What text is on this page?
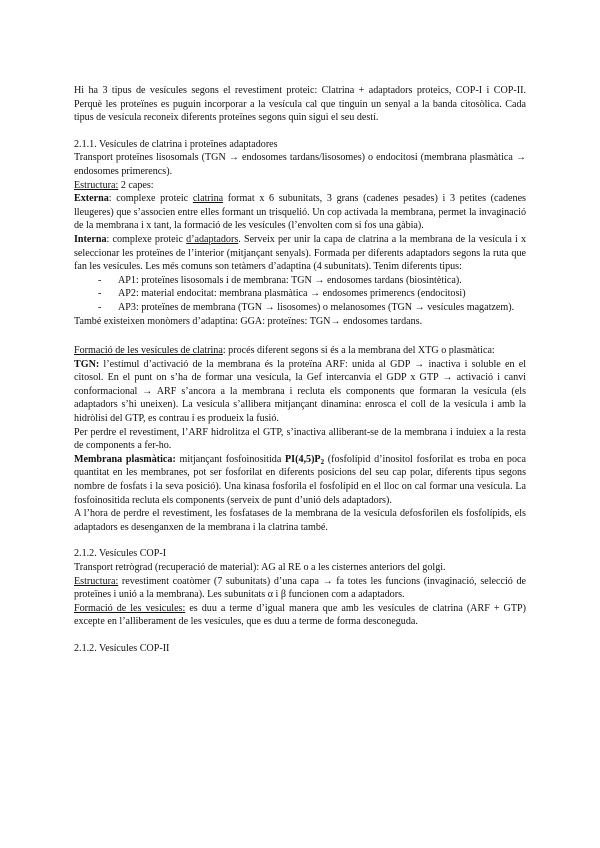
Hi ha 3 tipus de vesícules segons el revestiment proteic: Clatrina + adaptadors proteics, COP-I i COP-II. Perquè les proteïnes es puguin incorporar a la vesícula cal que tinguin un senyal a la banda citosòlica. Cada tipus de vesícula reconeix diferents proteïnes segons quin sigui el seu destí.

2.1.1. Vesícules de clatrina i proteïnes adaptadores

Transport proteïnes lisosomals (TGN → endosomes tardans/lisosomes) o endocitosi (membrana plasmàtica → endosomes primerencs).

Estructura: 2 capes:

Externa: complexe proteic clatrina format x 6 subunitats, 3 grans (cadenes pesades) i 3 petites (cadenes lleugeres) que s’associen entre elles formant un trisquelió. Un cop activada la membrana, permet la invaginació de la membrana i x tant, la formació de les vesícules (l’envolten com si fos una gàbia).

Interna: complexe proteic d’adaptadors. Serveix per unir la capa de clatrina a la membrana de la vesícula i x seleccionar les proteïnes de l’interior (mitjançant senyals). Formada per diferents adaptadors segons la ruta que fan les vesícules. Les més comuns son tetàmers d’adaptina (4 subunitats). Tenim diferents tipus:

- AP1: proteïnes lisosomals i de membrana: TGN → endosomes tardans (biosintètica).
- AP2: material endocitat: membrana plasmàtica → endosomes primerencs (endocitosi)
- AP3: proteïnes de membrana (TGN → lisosomes) o melanosomes (TGN → vesícules magatzem).

També existeixen monòmers d’adaptina: GGA: proteïnes: TGN→ endosomes tardans.

Formació de les vesícules de clatrina: procés diferent segons si és a la membrana del XTG o plasmàtica:

TGN: l’estímul d’activació de la membrana és la proteïna ARF: unida al GDP → inactiva i soluble en el citosol. En el punt on s’ha de formar una vesícula, la Gef intercanvia el GDP x GTP → activació i canvi conformacional → ARF s’ancora a la membrana i recluta els components que formaran la vesícula (els adaptadors s’hi uneixen). La vesícula s’allibera mitjançant dinamina: enrosca el coll de la vesícula i amb la hidròlisi del GTP, es contrau i es produeix la fusió.

Per perdre el revestiment, l’ARF hidrolitza el GTP, s’inactiva alliberant-se de la membrana i induiex a la resta de components a fer-ho.

Membrana plasmàtica: mitjançant fosfoinositida $PI(4,5)P_2$ (fosfolípid d’inositol fosforilat es troba en poca quantitat en les membranes, pot ser fosforilat en diferents posicions del seu cap polar, diferents tipus segons nombre de fosfats i la seva posició). Una kinasa fosforila el fosfolípid en el lloc on cal formar una vesícula. La fosfoinositida recluta els components (serveix de punt d’unió dels adaptadors).

A l’hora de perdre el revestiment, les fosfatases de la membrana de la vesícula defosforilen els fosfolípids, els adaptadors es desenganxen de la membrana i la clatrina també.

2.1.2. Vesícules COP-I

Transport retrògrad (recuperació de material): AG al RE o a les cisternes anteriors del golgi.

Estructura: revestiment coatòmer (7 subunitats) d’una capa → fa totes les funcions (invaginació, selecció de proteïnes i unió a la membrana). Les subunitats α i β funcionen com a adaptadors.

Formació de les vesicules: es duu a terme d’igual manera que amb les vesícules de clatrina (ARF + GTP) excepte en l’alliberament de les vesícules, que es duu a terme de forma desconeguda.

2.1.2. Vesícules COP-II
